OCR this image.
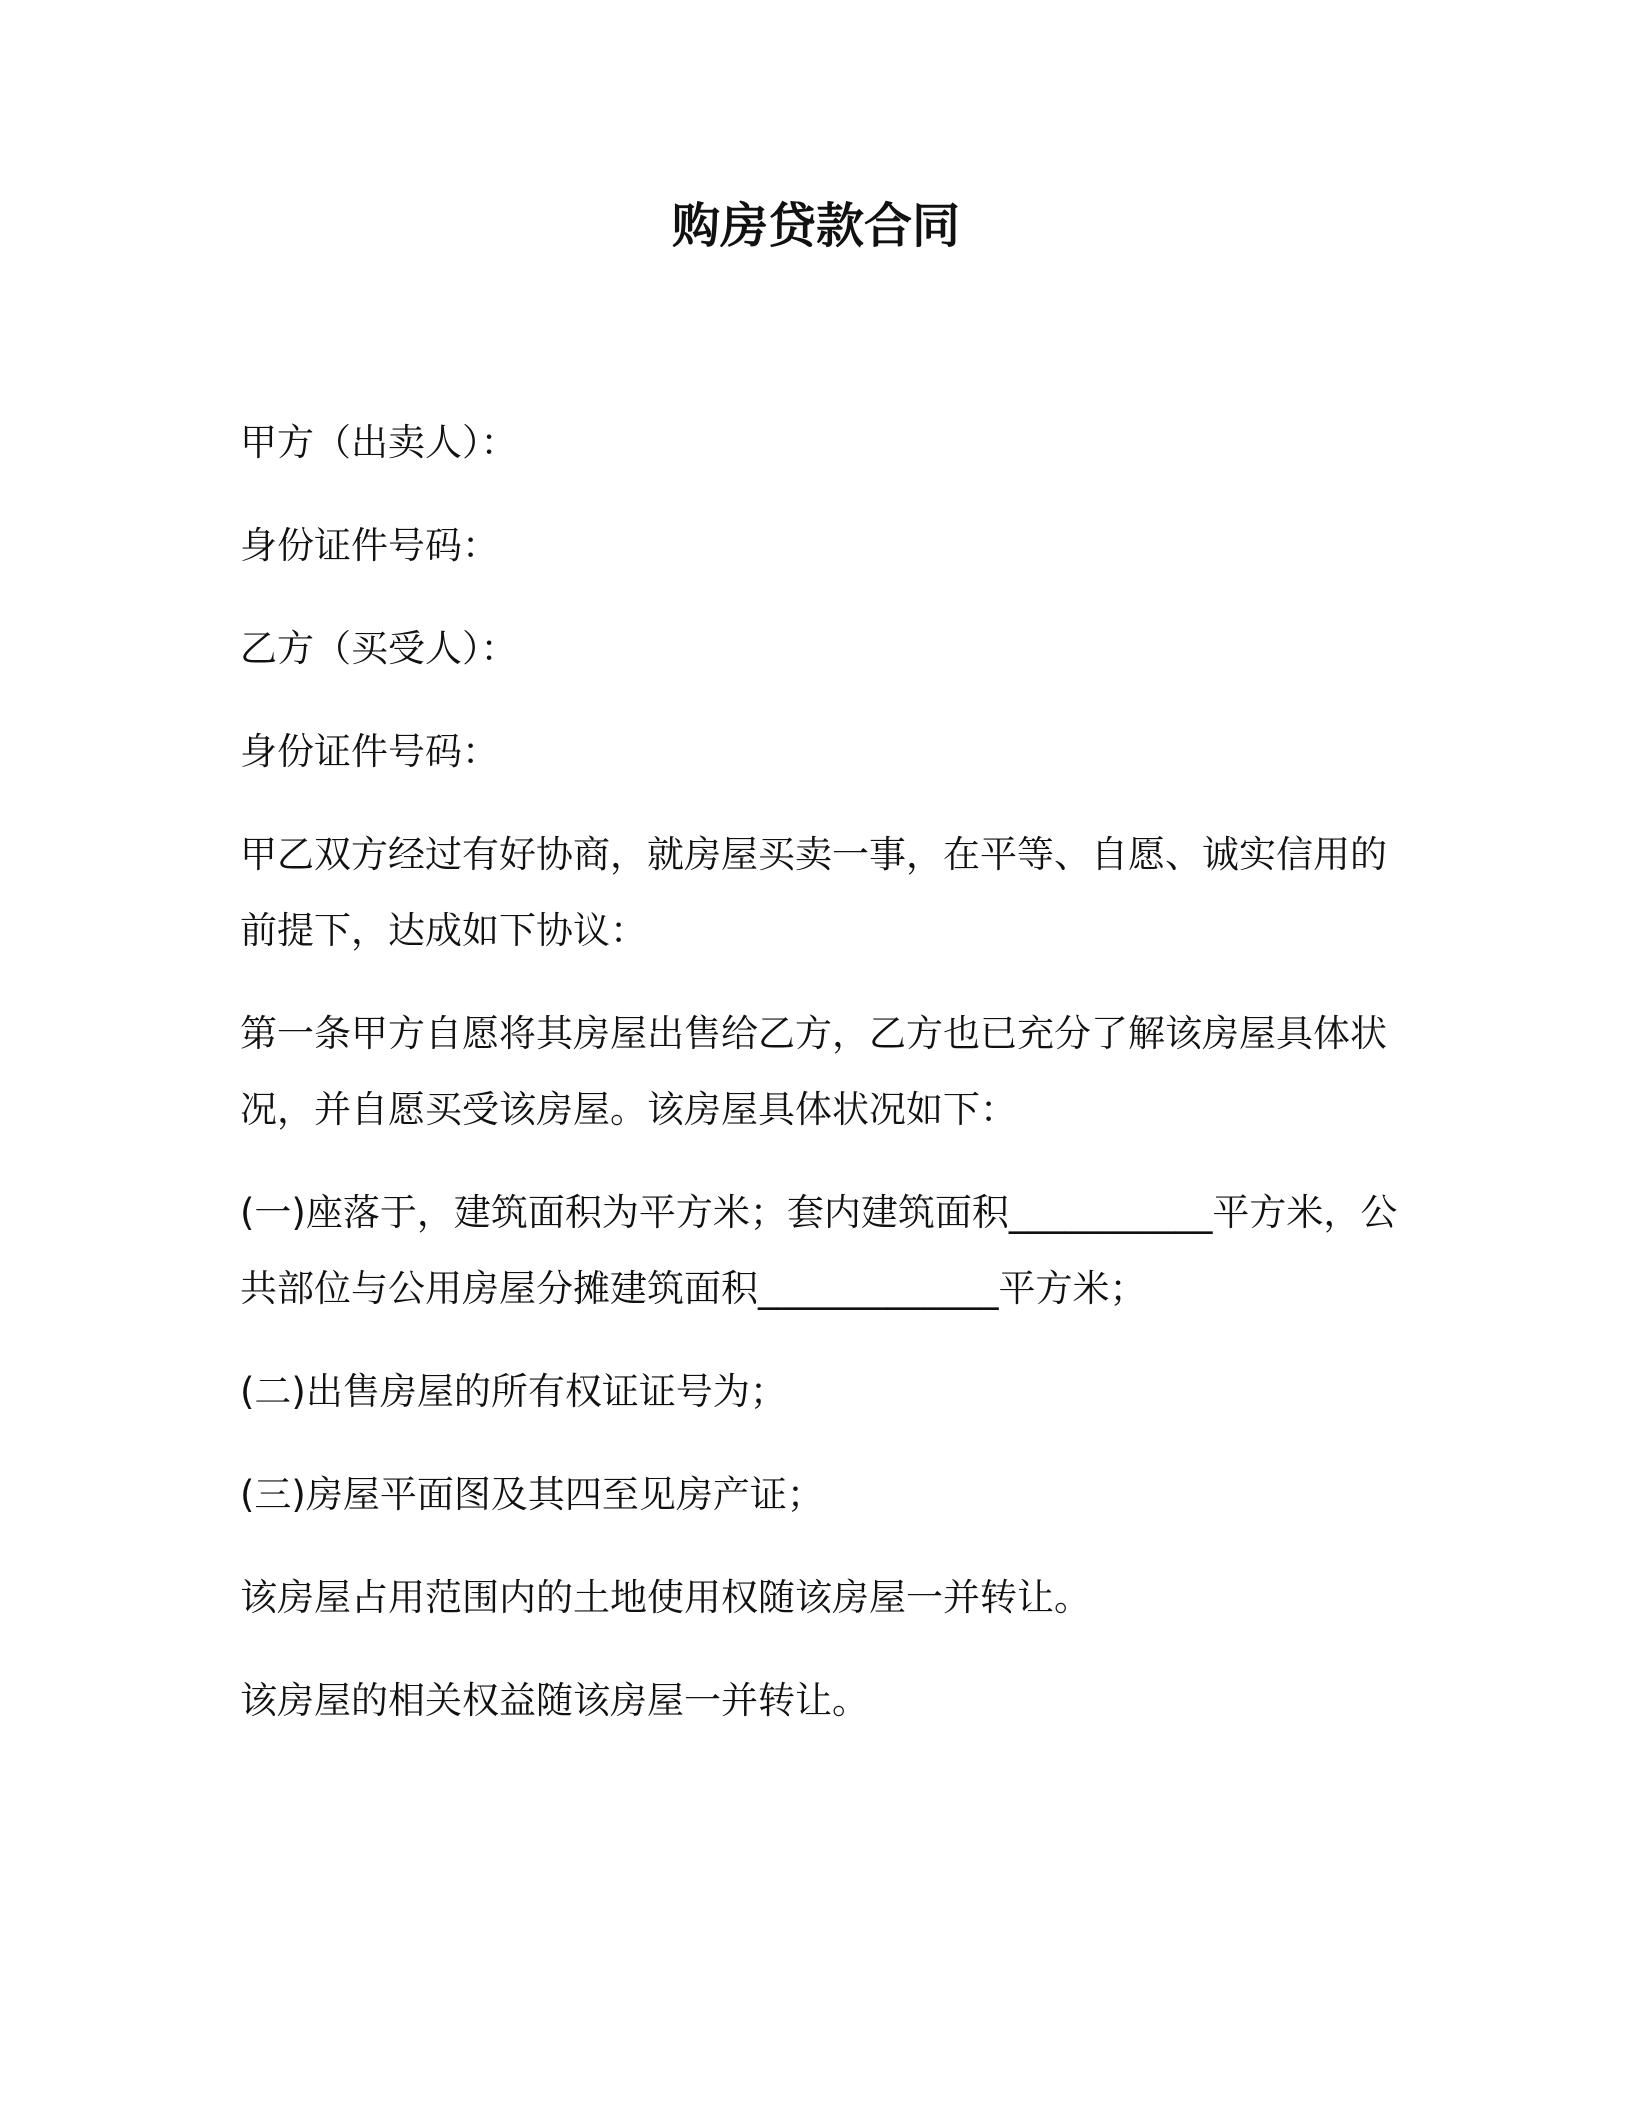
购房贷款合同
甲方（出卖人）：
身份证件号码：
乙方（买受人）：
身份证件号码：
甲乙双方经过有好协商，就房屋买卖一事，在平等、自愿、诚实信用的前提下，达成如下协议：
第一条甲方自愿将其房屋出售给乙方，乙方也已充分了解该房屋具体状况，并自愿买受该房屋。该房屋具体状况如下：
(一)座落于，建筑面积为平方米；套内建筑面积___________平方米，公共部位与公用房屋分摊建筑面积_____________平方米；
(二)出售房屋的所有权证证号为；
(三)房屋平面图及其四至见房产证；
该房屋占用范围内的土地使用权随该房屋一并转让。
该房屋的相关权益随该房屋一并转让。
